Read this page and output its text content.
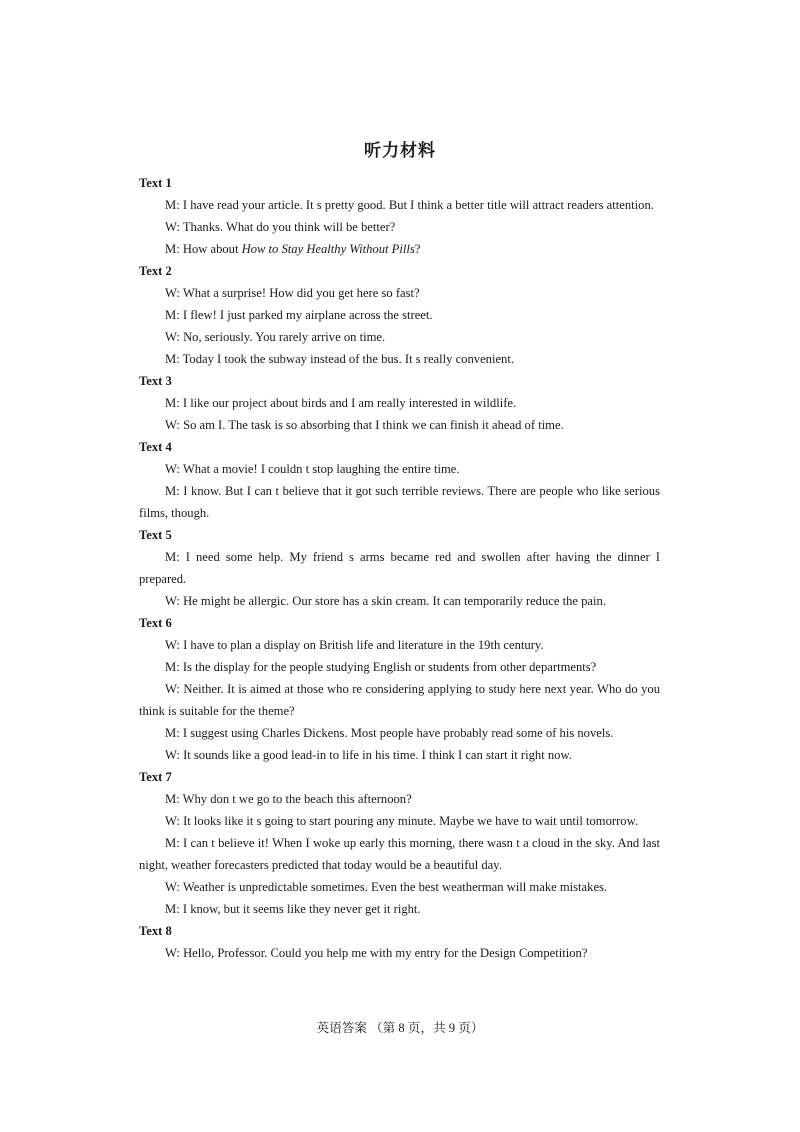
听力材料

Text 1

M: I have read your article. It s pretty good. But I think a better title will attract readers attention.

W: Thanks. What do you think will be better?

M: How about How to Stay Healthy Without Pills?

Text 2

W: What a surprise! How did you get here so fast?

M: I flew! I just parked my airplane across the street.

W: No, seriously. You rarely arrive on time.

M: Today I took the subway instead of the bus. It s really convenient.

Text 3

M: I like our project about birds and I am really interested in wildlife.

W: So am I. The task is so absorbing that I think we can finish it ahead of time.

Text 4

W: What a movie! I couldn t stop laughing the entire time.

M: I know. But I can t believe that it got such terrible reviews. There are people who like serious films, though.

Text 5

M: I need some help. My friend s arms became red and swollen after having the dinner I prepared.

W: He might be allergic. Our store has a skin cream. It can temporarily reduce the pain.

Text 6

W: I have to plan a display on British life and literature in the 19th century.

M: Is the display for the people studying English or students from other departments?

W: Neither. It is aimed at those who re considering applying to study here next year. Who do you think is suitable for the theme?

M: I suggest using Charles Dickens. Most people have probably read some of his novels.

W: It sounds like a good lead-in to life in his time. I think I can start it right now.

Text 7

M: Why don t we go to the beach this afternoon?

W: It looks like it s going to start pouring any minute. Maybe we have to wait until tomorrow.

M: I can t believe it! When I woke up early this morning, there wasn t a cloud in the sky. And last night, weather forecasters predicted that today would be a beautiful day.

W: Weather is unpredictable sometimes. Even the best weatherman will make mistakes.

M: I know, but it seems like they never get it right.

Text 8

W: Hello, Professor. Could you help me with my entry for the Design Competition?

英语答案 （第 8 页，共 9 页）
